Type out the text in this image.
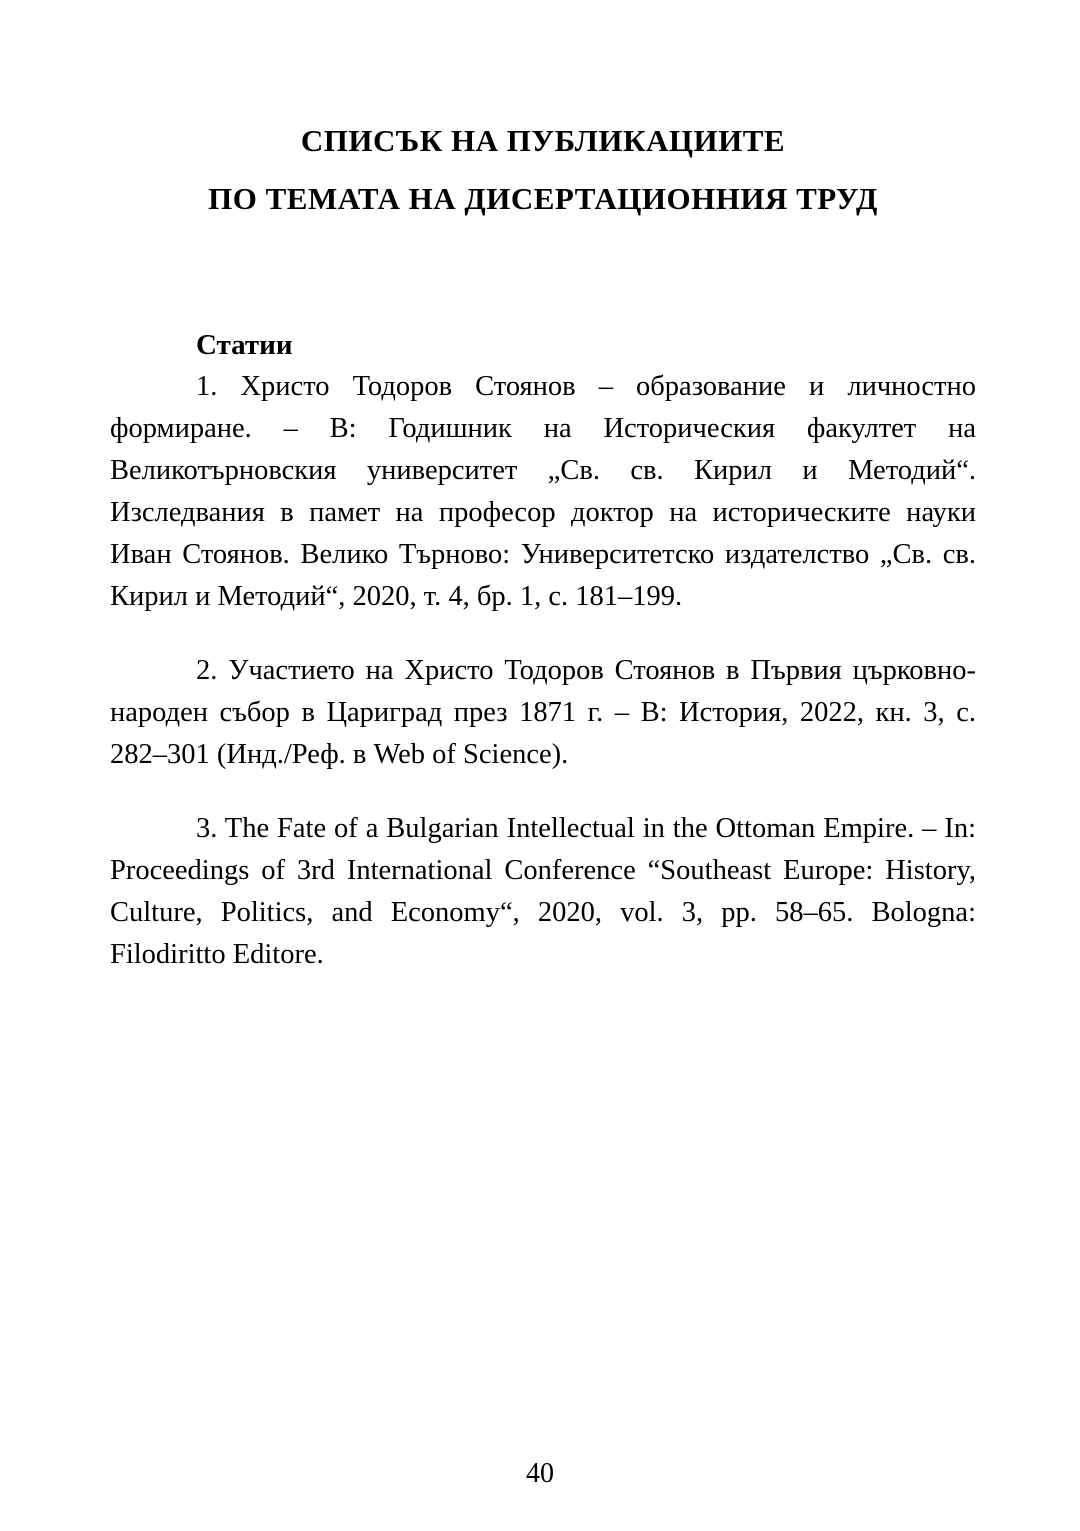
СПИСЪК НА ПУБЛИКАЦИИТЕ
ПО ТЕМАТА НА ДИСЕРТАЦИОННИЯ ТРУД
Статии

1. Христо Тодоров Стоянов – образование и личностно формиране. – В: Годишник на Историческия факултет на Великотърновския университет „Св. св. Кирил и Методий“. Изследвания в памет на професор доктор на историческите науки Иван Стоянов. Велико Търново: Университетско издателство „Св. св. Кирил и Методий“, 2020, т. 4, бр. 1, с. 181–199.

2. Участието на Христо Тодоров Стоянов в Първия църковно-народен събор в Цариград през 1871 г. – В: История, 2022, кн. 3, с. 282–301 (Инд./Реф. в Web of Science).

3. The Fate of a Bulgarian Intellectual in the Ottoman Empire. – In: Proceedings of 3rd International Conference “Southeast Europe: History, Culture, Politics, and Economy“, 2020, vol. 3, pp. 58–65. Bologna: Filodiritto Editore.

40
